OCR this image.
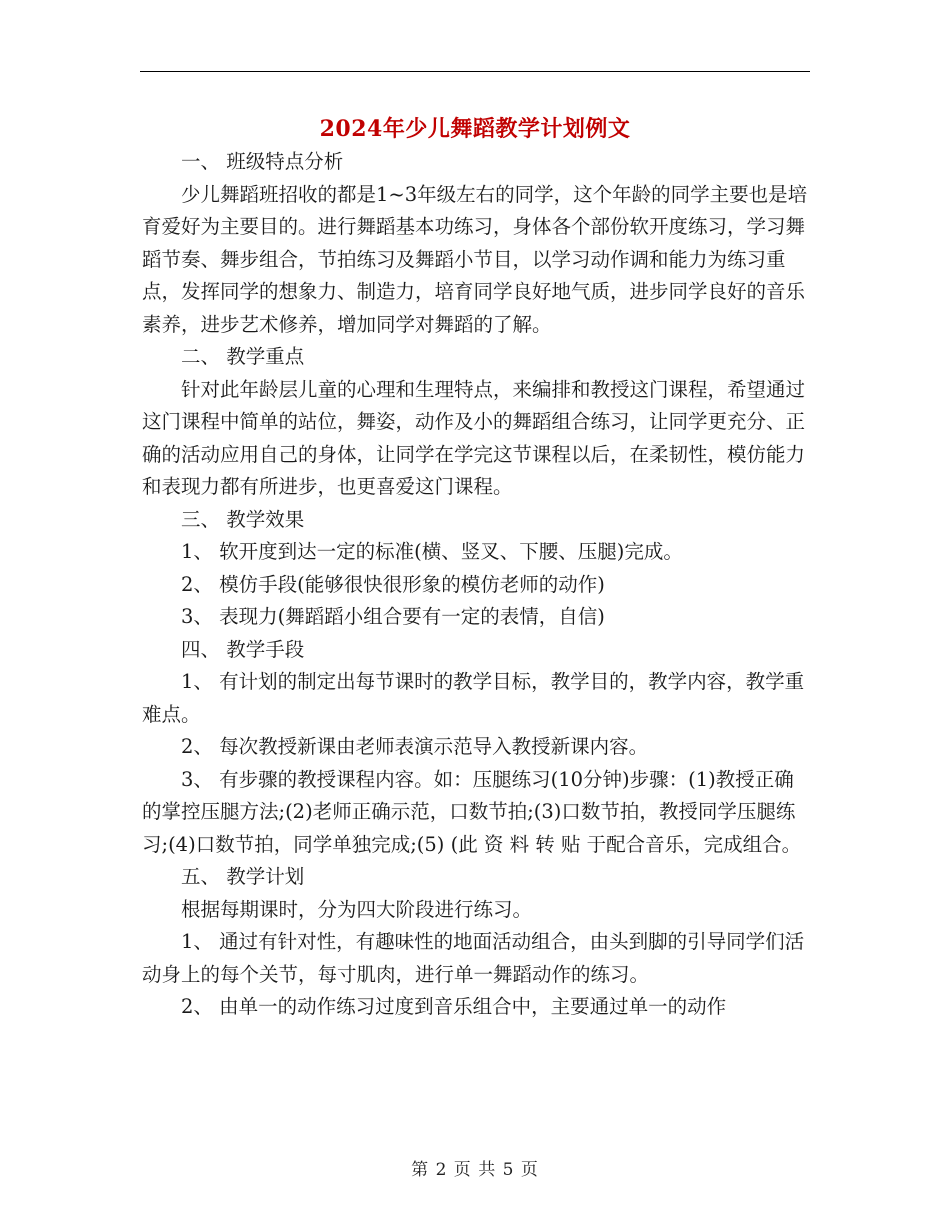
2024年少儿舞蹈教学计划例文

一、 班级特点分析

少儿舞蹈班招收的都是1~3年级左右的同学，这个年龄的同学主要也是培育爱好为主要目的。进行舞蹈基本功练习，身体各个部份软开度练习，学习舞蹈节奏、舞步组合，节拍练习及舞蹈小节目，以学习动作调和能力为练习重点，发挥同学的想象力、制造力，培育同学良好地气质，进步同学良好的音乐素养，进步艺术修养，增加同学对舞蹈的了解。

二、 教学重点

针对此年龄层儿童的心理和生理特点，来编排和教授这门课程，希望通过这门课程中简单的站位，舞姿，动作及小的舞蹈组合练习，让同学更充分、正确的活动应用自己的身体，让同学在学完这节课程以后，在柔韧性，模仿能力和表现力都有所进步，也更喜爱这门课程。

三、 教学效果

1、 软开度到达一定的标准(横、竖叉、下腰、压腿)完成。

2、 模仿手段(能够很快很形象的模仿老师的动作)

3、 表现力(舞蹈蹈小组合要有一定的表情，自信)

四、 教学手段

1、 有计划的制定出每节课时的教学目标，教学目的，教学内容，教学重难点。

2、 每次教授新课由老师表演示范导入教授新课内容。

3、 有步骤的教授课程内容。如：压腿练习(10分钟)步骤：(1)教授正确的掌控压腿方法;(2)老师正确示范，口数节拍;(3)口数节拍，教授同学压腿练习;(4)口数节拍，同学单独完成;(5) (此 资 料 转 贴 于配合音乐，完成组合。

五、 教学计划

根据每期课时，分为四大阶段进行练习。

1、 通过有针对性，有趣味性的地面活动组合，由头到脚的引导同学们活动身上的每个关节，每寸肌肉，进行单一舞蹈动作的练习。

2、 由单一的动作练习过度到音乐组合中，主要通过单一的动作

第 2 页 共 5 页
